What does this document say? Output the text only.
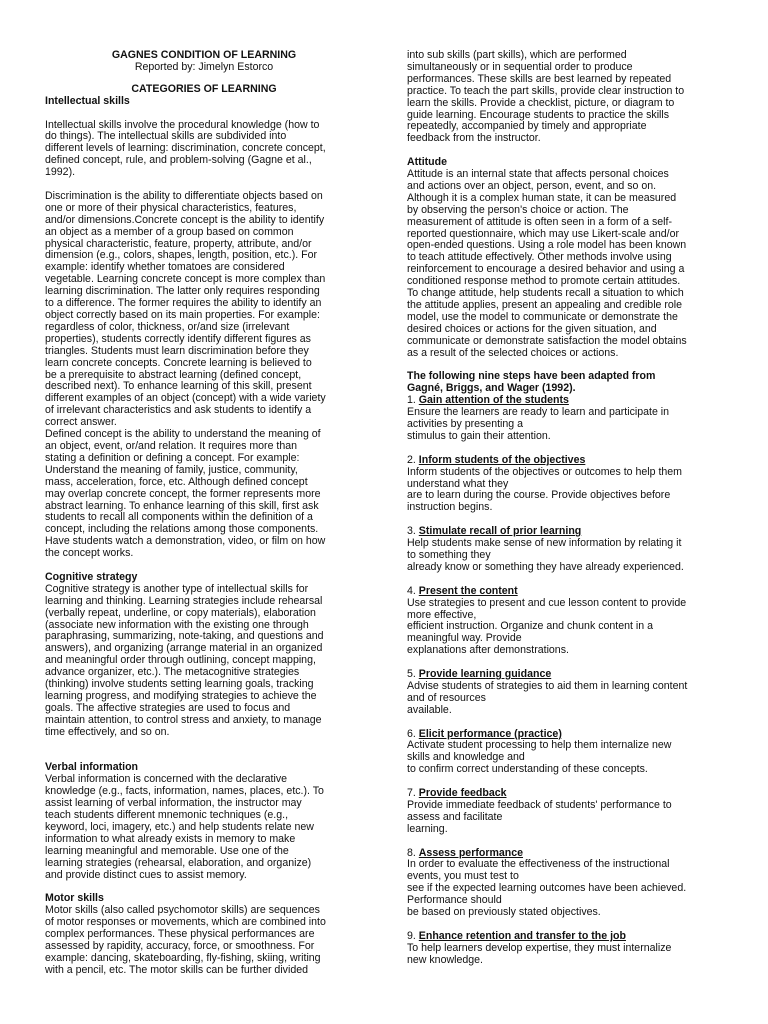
GAGNES CONDITION OF LEARNING

Reported by: Jimelyn Estorco

CATEGORIES OF LEARNING

Intellectual skills

Intellectual skills involve the procedural knowledge (how to
do things). The intellectual skills are subdivided into
different levels of learning: discrimination, concrete concept,
defined concept, rule, and problem-solving (Gagne et al.,
1992).

Discrimination is the ability to differentiate objects based on
one or more of their physical characteristics, features,
and/or dimensions.Concrete concept is the ability to identify
an object as a member of a group based on common
physical characteristic, feature, property, attribute, and/or
dimension (e.g., colors, shapes, length, position, etc.). For
example: identify whether tomatoes are considered
vegetable. Learning concrete concept is more complex than
learning discrimination. The latter only requires responding
to a difference. The former requires the ability to identify an
object correctly based on its main properties. For example:
regardless of color, thickness, or/and size (irrelevant
properties), students correctly identify different figures as
triangles. Students must learn discrimination before they
learn concrete concepts. Concrete learning is believed to
be a prerequisite to abstract learning (defined concept,
described next). To enhance learning of this skill, present
different examples of an object (concept) with a wide variety
of irrelevant characteristics and ask students to identify a
correct answer.

Defined concept is the ability to understand the meaning of
an object, event, or/and relation. It requires more than
stating a definition or defining a concept. For example:
Understand the meaning of family, justice, community,
mass, acceleration, force, etc. Although defined concept
may overlap concrete concept, the former represents more
abstract learning. To enhance learning of this skill, first ask
students to recall all components within the definition of a
concept, including the relations among those components.
Have students watch a demonstration, video, or film on how
the concept works.

Cognitive strategy

Cognitive strategy is another type of intellectual skills for
learning and thinking. Learning strategies include rehearsal
(verbally repeat, underline, or copy materials), elaboration
(associate new information with the existing one through
paraphrasing, summarizing, note-taking, and questions and
answers), and organizing (arrange material in an organized
and meaningful order through outlining, concept mapping,
advance organizer, etc.). The metacognitive strategies
(thinking) involve students setting learning goals, tracking
learning progress, and modifying strategies to achieve the
goals. The affective strategies are used to focus and
maintain attention, to control stress and anxiety, to manage
time effectively, and so on.

Verbal information

Verbal information is concerned with the declarative
knowledge (e.g., facts, information, names, places, etc.). To
assist learning of verbal information, the instructor may
teach students different mnemonic techniques (e.g.,
keyword, loci, imagery, etc.) and help students relate new
information to what already exists in memory to make
learning meaningful and memorable. Use one of the
learning strategies (rehearsal, elaboration, and organize)
and provide distinct cues to assist memory.

Motor skills

Motor skills (also called psychomotor skills) are sequences
of motor responses or movements, which are combined into
complex performances. These physical performances are
assessed by rapidity, accuracy, force, or smoothness. For
example: dancing, skateboarding, fly-fishing, skiing, writing
with a pencil, etc. The motor skills can be further divided

into sub skills (part skills), which are performed
simultaneously or in sequential order to produce
performances. These skills are best learned by repeated
practice. To teach the part skills, provide clear instruction to
learn the skills. Provide a checklist, picture, or diagram to
guide learning. Encourage students to practice the skills
repeatedly, accompanied by timely and appropriate
feedback from the instructor.

Attitude

Attitude is an internal state that affects personal choices
and actions over an object, person, event, and so on.
Although it is a complex human state, it can be measured
by observing the person's choice or action. The
measurement of attitude is often seen in a form of a self-
reported questionnaire, which may use Likert-scale and/or
open-ended questions. Using a role model has been known
to teach attitude effectively. Other methods involve using
reinforcement to encourage a desired behavior and using a
conditioned response method to promote certain attitudes.
To change attitude, help students recall a situation to which
the attitude applies, present an appealing and credible role
model, use the model to communicate or demonstrate the
desired choices or actions for the given situation, and
communicate or demonstrate satisfaction the model obtains
as a result of the selected choices or actions.

The following nine steps have been adapted from
Gagné, Briggs, and Wager (1992).

1. Gain attention of the students

Ensure the learners are ready to learn and participate in
activities by presenting a
stimulus to gain their attention.

2. Inform students of the objectives

Inform students of the objectives or outcomes to help them
understand what they
are to learn during the course. Provide objectives before
instruction begins.

3. Stimulate recall of prior learning

Help students make sense of new information by relating it
to something they
already know or something they have already experienced.

4. Present the content

Use strategies to present and cue lesson content to provide
more effective,
efficient instruction. Organize and chunk content in a
meaningful way. Provide
explanations after demonstrations.

5. Provide learning guidance

Advise students of strategies to aid them in learning content
and of resources
available.

6. Elicit performance (practice)

Activate student processing to help them internalize new
skills and knowledge and
to confirm correct understanding of these concepts.

7. Provide feedback

Provide immediate feedback of students' performance to
assess and facilitate
learning.

8. Assess performance

In order to evaluate the effectiveness of the instructional
events, you must test to
see if the expected learning outcomes have been achieved.
Performance should
be based on previously stated objectives.

9. Enhance retention and transfer to the job

To help learners develop expertise, they must internalize
new knowledge.
